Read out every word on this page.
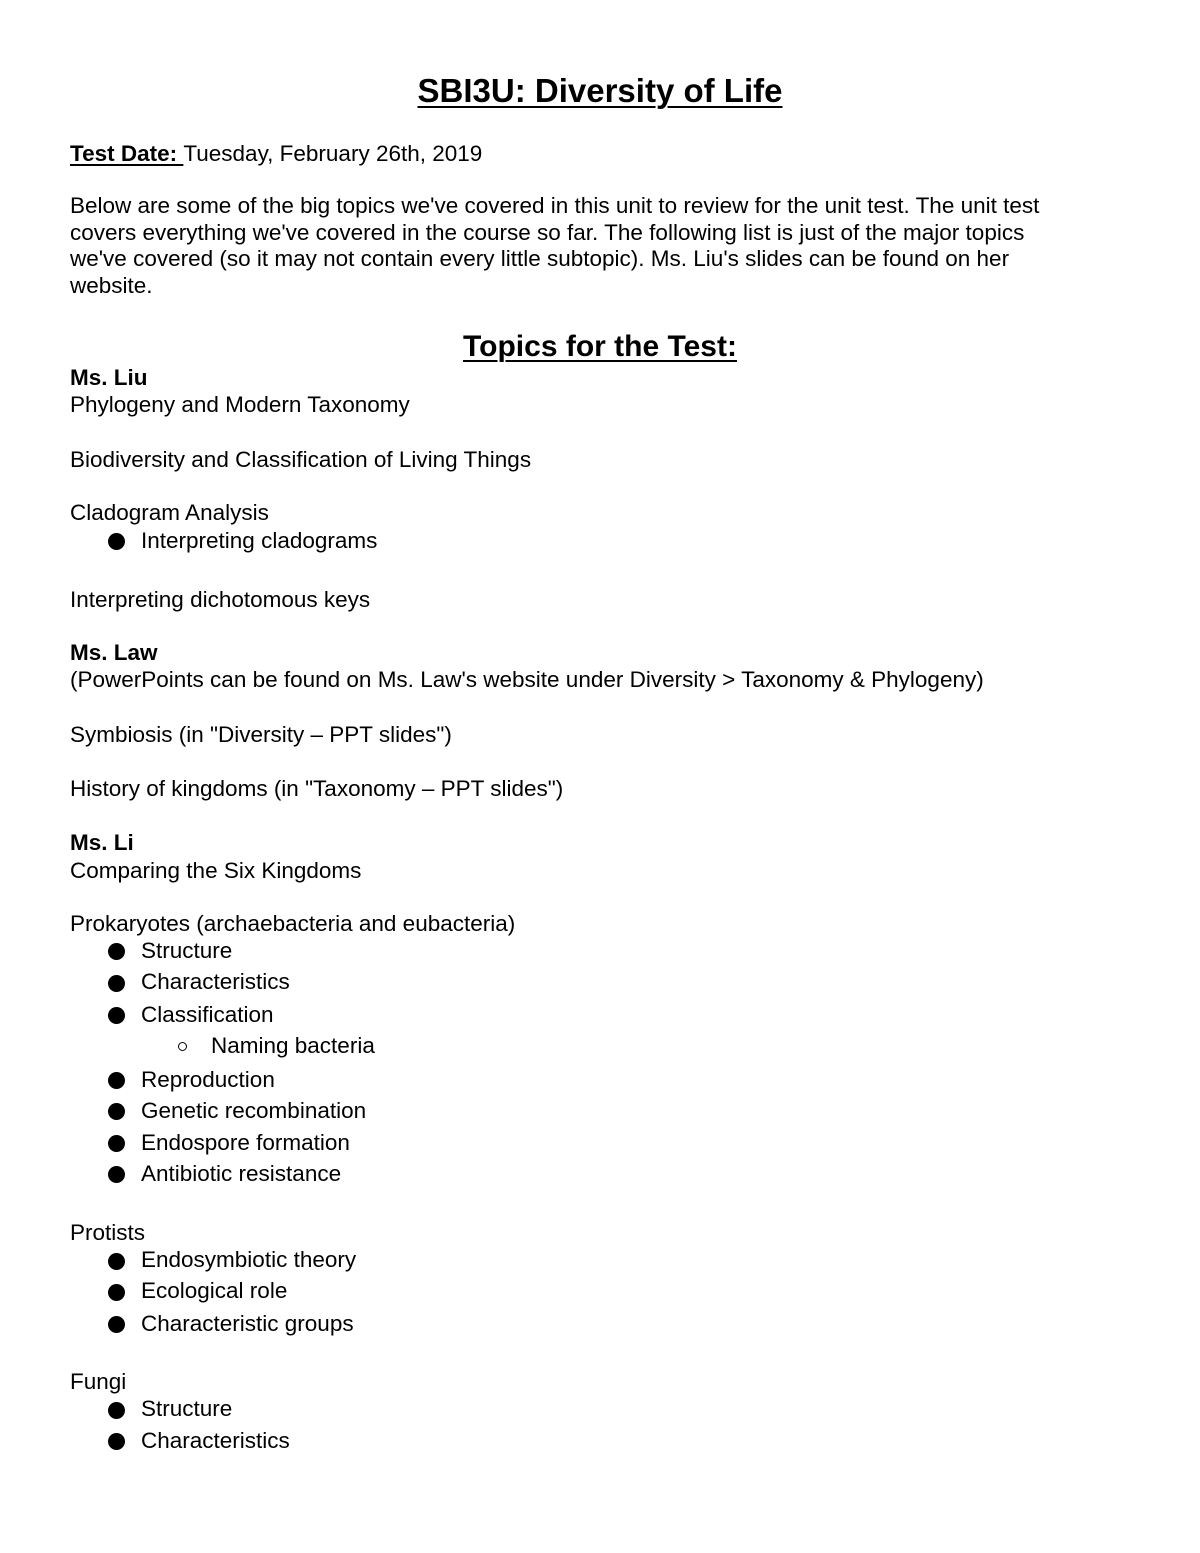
SBI3U: Diversity of Life
Test Date: Tuesday, February 26th, 2019
Below are some of the big topics we've covered in this unit to review for the unit test. The unit test
covers everything we've covered in the course so far. The following list is just of the major topics
we've covered (so it may not contain every little subtopic). Ms. Liu's slides can be found on her
website.
Topics for the Test:
Ms. Liu
Phylogeny and Modern Taxonomy
Biodiversity and Classification of Living Things
Cladogram Analysis
Interpreting cladograms
Interpreting dichotomous keys
Ms. Law
(PowerPoints can be found on Ms. Law's website under Diversity > Taxonomy & Phylogeny)
Symbiosis (in "Diversity – PPT slides")
History of kingdoms (in "Taxonomy – PPT slides")
Ms. Li
Comparing the Six Kingdoms
Prokaryotes (archaebacteria and eubacteria)
Structure
Characteristics
Classification
Naming bacteria
Reproduction
Genetic recombination
Endospore formation
Antibiotic resistance
Protists
Endosymbiotic theory
Ecological role
Characteristic groups
Fungi
Structure
Characteristics
